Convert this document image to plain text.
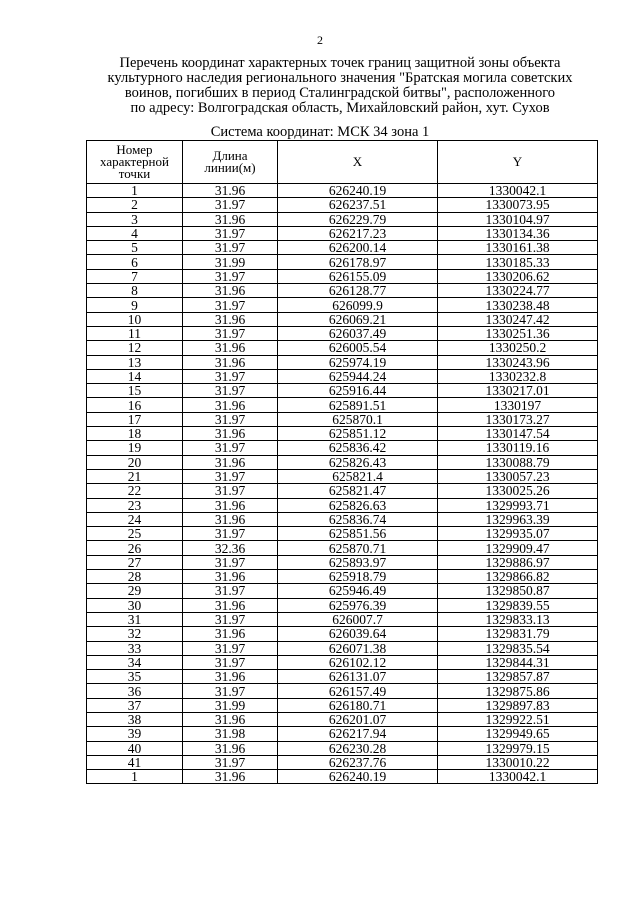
2
Перечень координат характерных точек границ защитной зоны объекта
культурного наследия регионального значения "Братская могила советских
воинов, погибших в период Сталинградской битвы", расположенного
по адресу: Волгоградская область, Михайловский район, хут. Сухов
Система координат: МСК 34 зона 1
Номер
характерной
точки	Длина
линии(м)	X	Y
1	31.96	626240.19	1330042.1
2	31.97	626237.51	1330073.95
3	31.96	626229.79	1330104.97
4	31.97	626217.23	1330134.36
5	31.97	626200.14	1330161.38
6	31.99	626178.97	1330185.33
7	31.97	626155.09	1330206.62
8	31.96	626128.77	1330224.77
9	31.97	626099.9	1330238.48
10	31.96	626069.21	1330247.42
11	31.97	626037.49	1330251.36
12	31.96	626005.54	1330250.2
13	31.96	625974.19	1330243.96
14	31.97	625944.24	1330232.8
15	31.97	625916.44	1330217.01
16	31.96	625891.51	1330197
17	31.97	625870.1	1330173.27
18	31.96	625851.12	1330147.54
19	31.97	625836.42	1330119.16
20	31.96	625826.43	1330088.79
21	31.97	625821.4	1330057.23
22	31.97	625821.47	1330025.26
23	31.96	625826.63	1329993.71
24	31.96	625836.74	1329963.39
25	31.97	625851.56	1329935.07
26	32.36	625870.71	1329909.47
27	31.97	625893.97	1329886.97
28	31.96	625918.79	1329866.82
29	31.97	625946.49	1329850.87
30	31.96	625976.39	1329839.55
31	31.97	626007.7	1329833.13
32	31.96	626039.64	1329831.79
33	31.97	626071.38	1329835.54
34	31.97	626102.12	1329844.31
35	31.96	626131.07	1329857.87
36	31.97	626157.49	1329875.86
37	31.99	626180.71	1329897.83
38	31.96	626201.07	1329922.51
39	31.98	626217.94	1329949.65
40	31.96	626230.28	1329979.15
41	31.97	626237.76	1330010.22
1	31.96	626240.19	1330042.1
